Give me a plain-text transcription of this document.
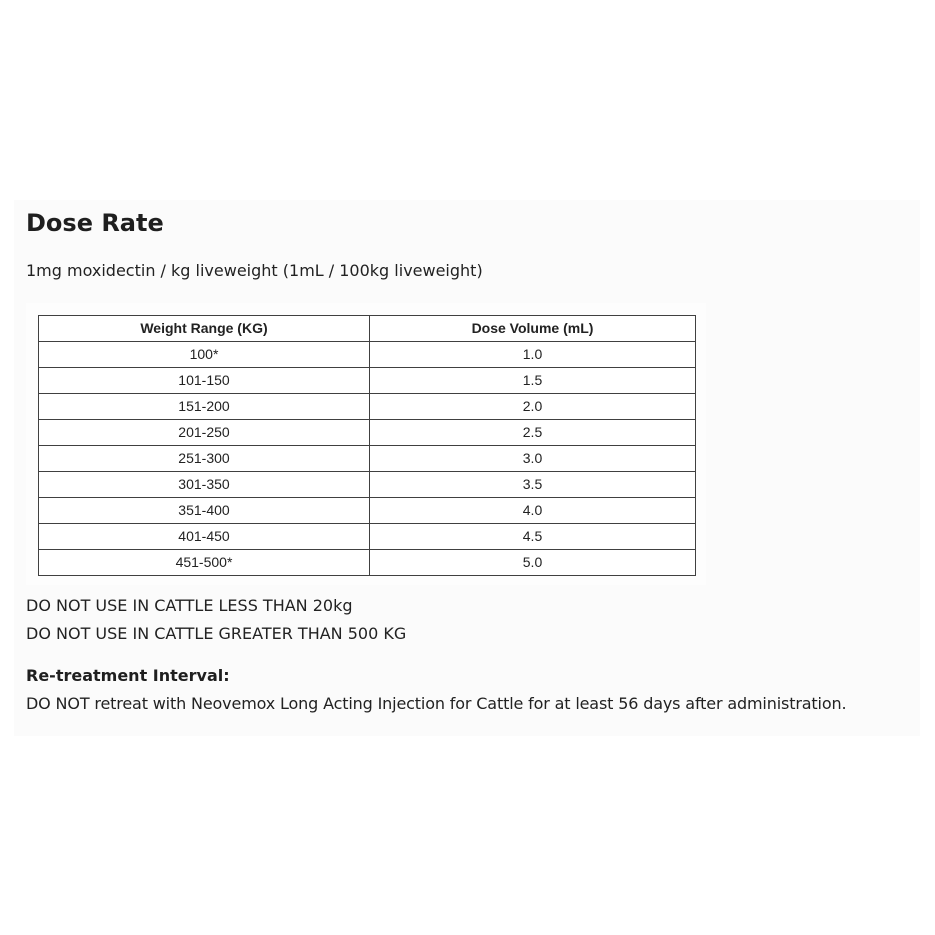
Dose Rate
1mg moxidectin / kg liveweight (1mL / 100kg liveweight)
Weight Range (KG)	Dose Volume (mL)
100*	1.0
101-150	1.5
151-200	2.0
201-250	2.5
251-300	3.0
301-350	3.5
351-400	4.0
401-450	4.5
451-500*	5.0
DO NOT USE IN CATTLE LESS THAN 20kg
DO NOT USE IN CATTLE GREATER THAN 500 KG
Re-treatment Interval:
DO NOT retreat with Neovemox Long Acting Injection for Cattle for at least 56 days after administration.
